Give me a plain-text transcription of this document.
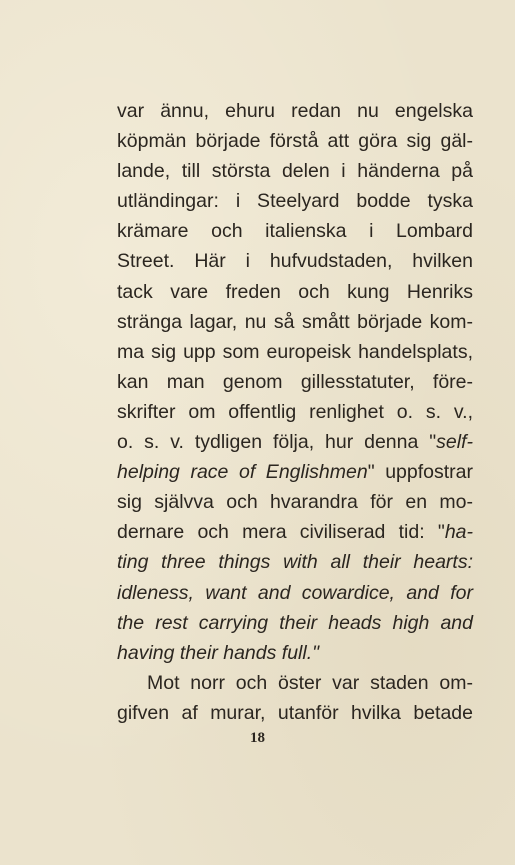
var ännu, ehuru redan nu engelska
köpmän började förstå att göra sig gäl-
lande, till största delen i händerna på
utländingar: i Steelyard bodde tyska
krämare och italienska i Lombard
Street. Här i hufvudstaden, hvilken
tack vare freden och kung Henriks
stränga lagar, nu så smått började kom-
ma sig upp som europeisk handelsplats,
kan man genom gillesstatuter, före-
skrifter om offentlig renlighet o. s. v.,
o. s. v. tydligen följa, hur denna "self-
helping race of Englishmen" uppfostrar
sig självva och hvarandra för en mo-
dernare och mera civiliserad tid: "ha-
ting three things with all their hearts:
idleness, want and cowardice, and for
the rest carrying their heads high and
having their hands full."
Mot norr och öster var staden om-
gifven af murar, utanför hvilka betade
18
